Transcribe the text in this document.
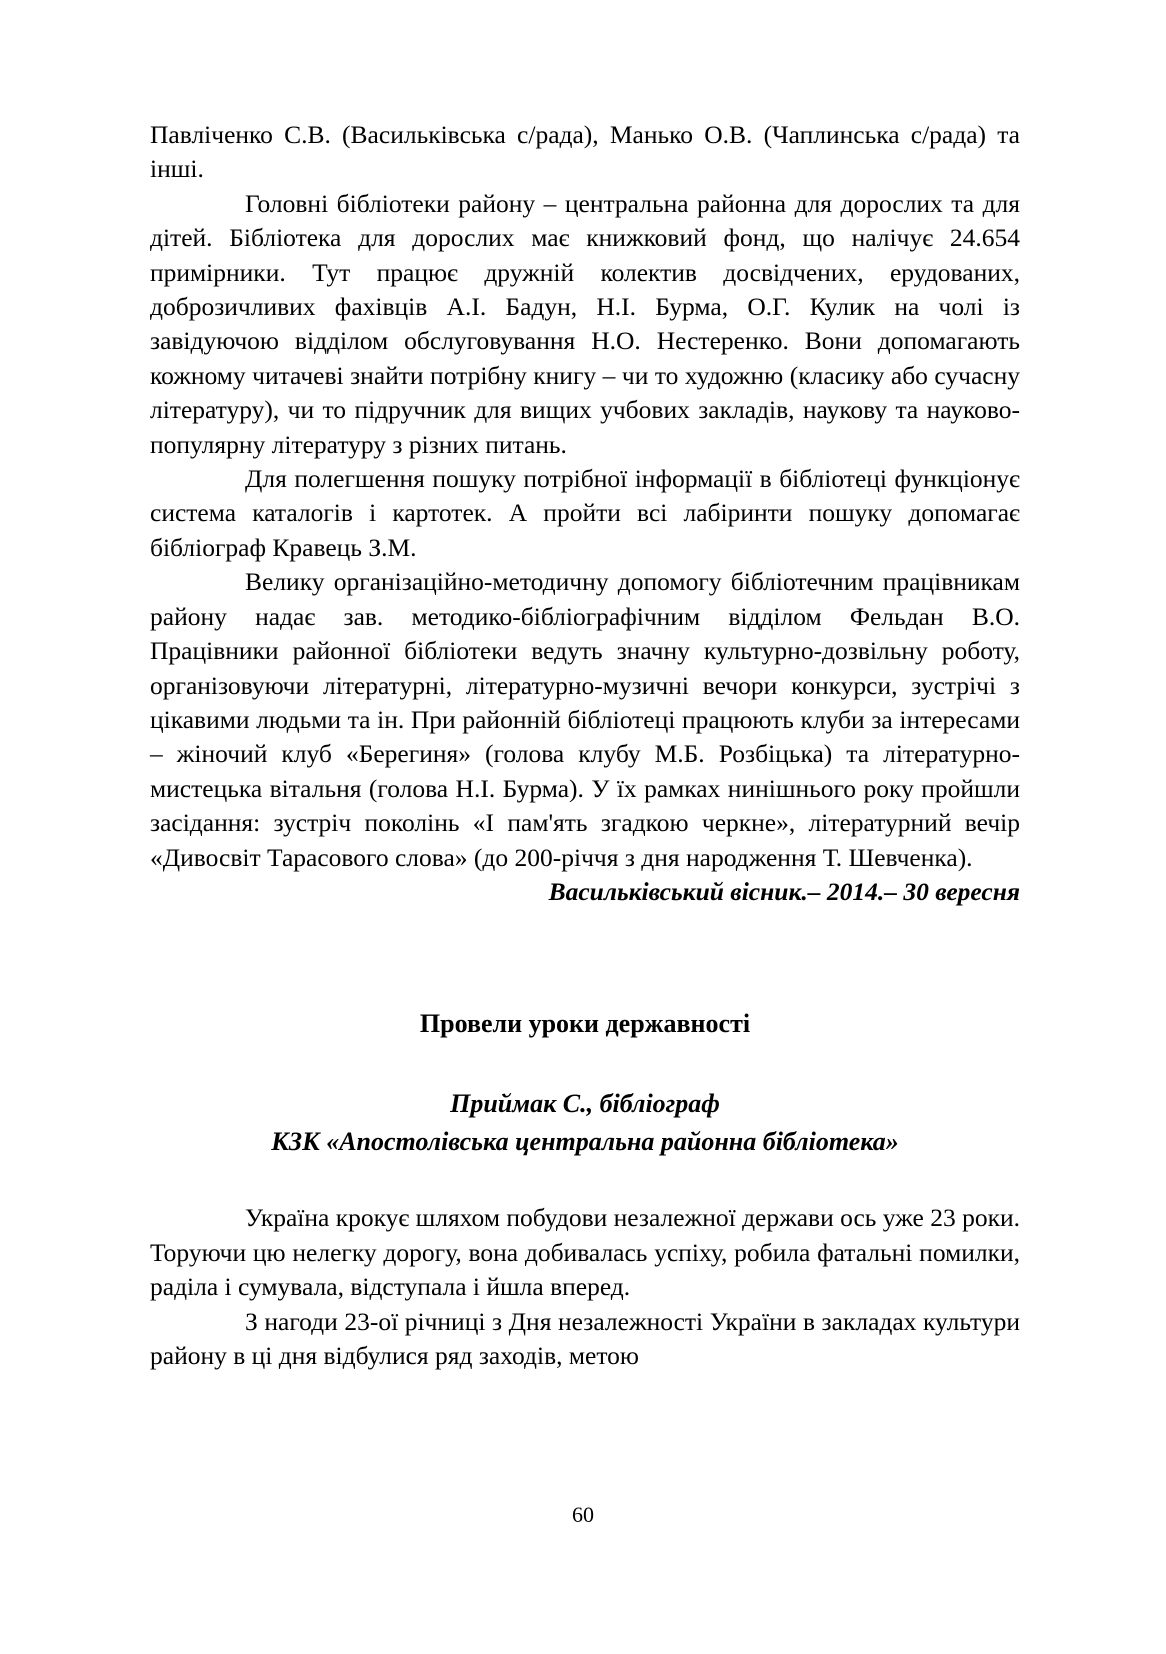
Павліченко С.В. (Васильківська с/рада), Манько О.В. (Чаплинська с/рада) та інші.

Головні бібліотеки району – центральна районна для дорослих та для дітей. Бібліотека для дорослих має книжковий фонд, що налічує 24.654 примірники. Тут працює дружній колектив досвідчених, ерудованих, доброзичливих фахівців А.І. Бадун, Н.І. Бурма, О.Г. Кулик на чолі із завідуючою відділом обслуговування Н.О. Нестеренко. Вони допомагають кожному читачеві знайти потрібну книгу – чи то художню (класику або сучасну літературу), чи то підручник для вищих учбових закладів, наукову та науково-популярну літературу з різних питань.

Для полегшення пошуку потрібної інформації в бібліотеці функціонує система каталогів і картотек. А пройти всі лабіринти пошуку допомагає бібліограф Кравець З.М.

Велику організаційно-методичну допомогу бібліотечним працівникам району надає зав. методико-бібліографічним відділом Фельдан В.О. Працівники районної бібліотеки ведуть значну культурно-дозвільну роботу, організовуючи літературні, літературно-музичні вечори конкурси, зустрічі з цікавими людьми та ін. При районній бібліотеці працюють клуби за інтересами – жіночий клуб «Берегиня» (голова клубу М.Б. Розбіцька) та літературно-мистецька вітальня (голова Н.І. Бурма). У їх рамках нинішнього року пройшли засідання: зустріч поколінь «І пам'ять згадкою черкне», літературний вечір «Дивосвіт Тарасового слова» (до 200-річчя з дня народження Т. Шевченка).

Васильківський вісник.– 2014.– 30 вересня

Провели уроки державності

Приймак С., бібліограф

КЗК «Апостолівська центральна районна бібліотека»

Україна крокує шляхом побудови незалежної держави ось уже 23 роки. Торуючи цю нелегку дорогу, вона добивалась успіху, робила фатальні помилки, раділа і сумувала, відступала і йшла вперед.

З нагоди 23-ої річниці з Дня незалежності України в закладах культури району в ці дня відбулися ряд заходів, метою

60
